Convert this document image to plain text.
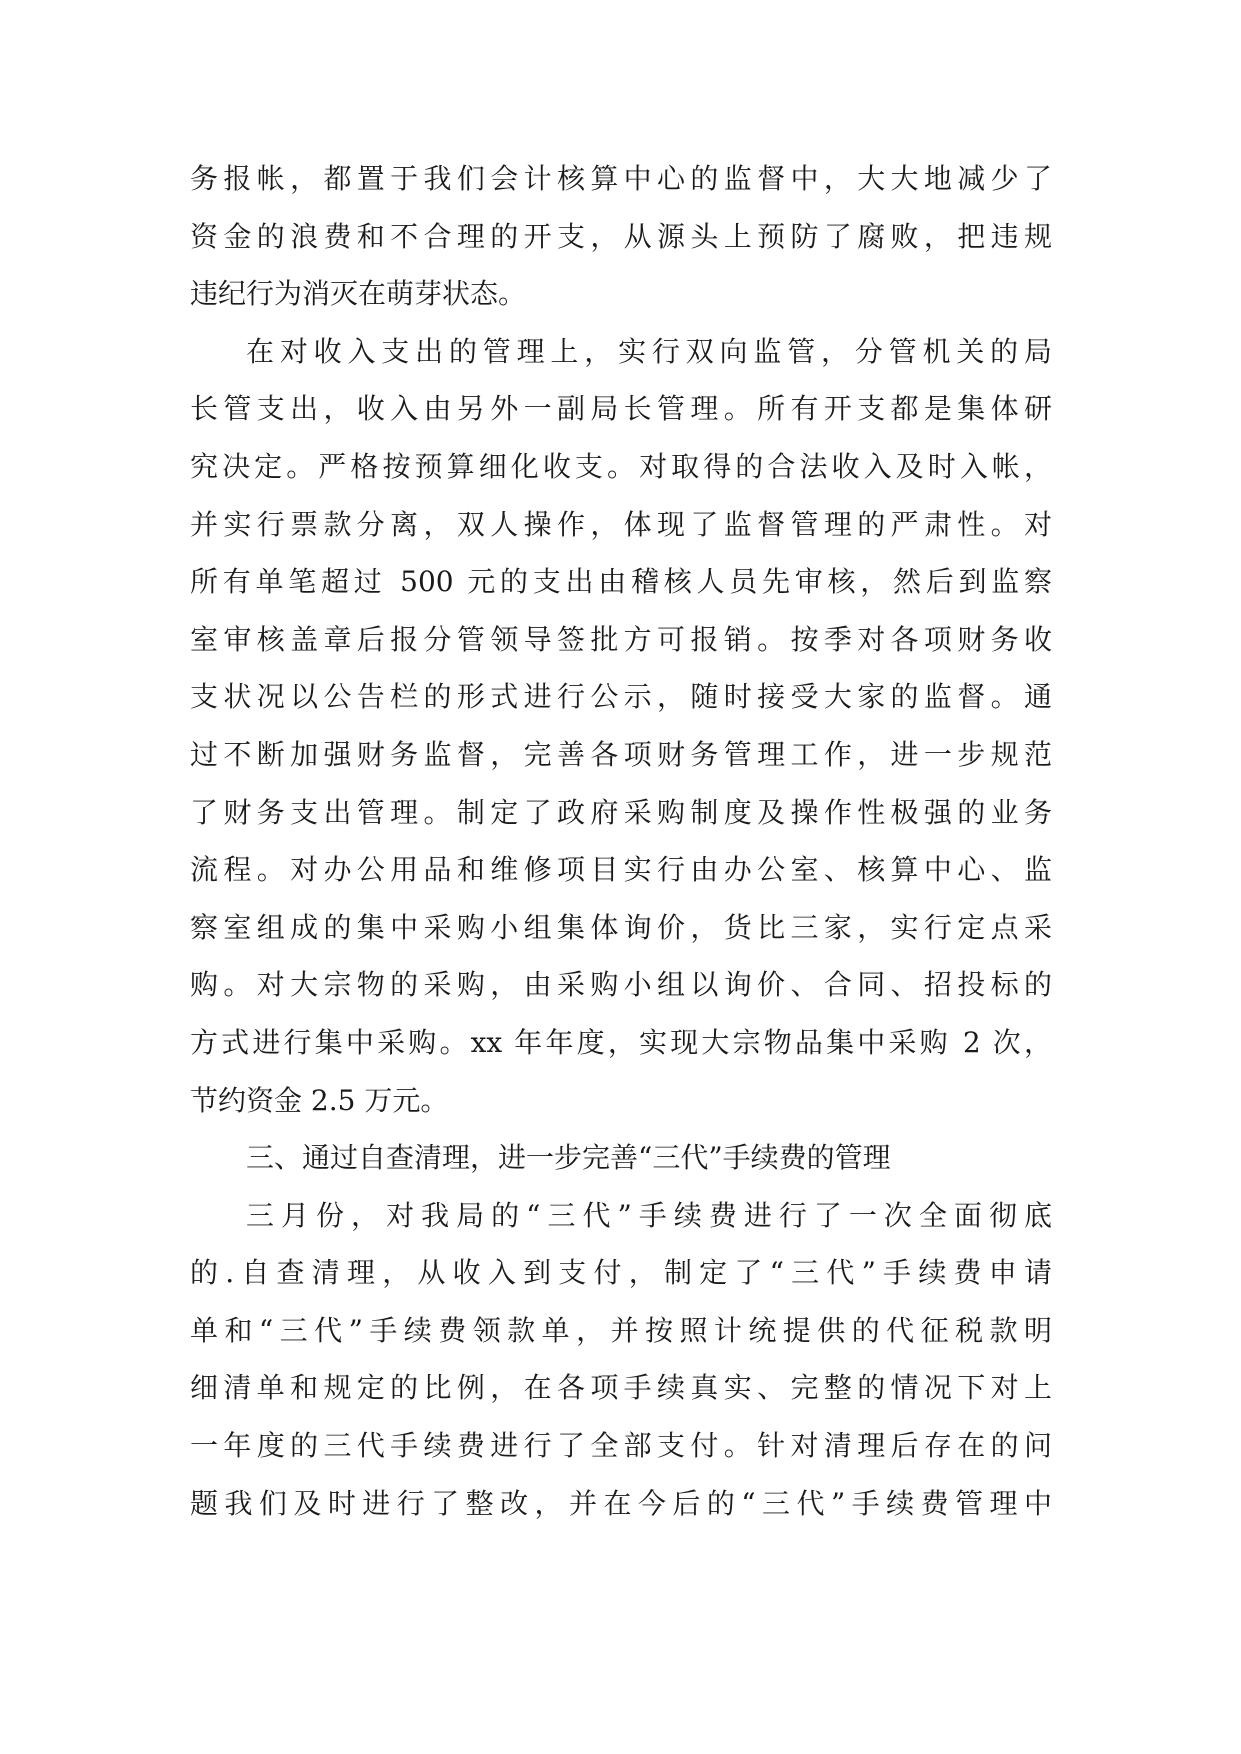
务报帐，都置于我们会计核算中心的监督中，大大地减少了
资金的浪费和不合理的开支，从源头上预防了腐败，把违规
违纪行为消灭在萌芽状态。
在对收入支出的管理上，实行双向监管，分管机关的局
长管支出，收入由另外一副局长管理。所有开支都是集体研
究决定。严格按预算细化收支。对取得的合法收入及时入帐，
并实行票款分离，双人操作，体现了监督管理的严肃性。对
所有单笔超过 500 元的支出由稽核人员先审核，然后到监察
室审核盖章后报分管领导签批方可报销。按季对各项财务收
支状况以公告栏的形式进行公示，随时接受大家的监督。通
过不断加强财务监督，完善各项财务管理工作，进一步规范
了财务支出管理。制定了政府采购制度及操作性极强的业务
流程。对办公用品和维修项目实行由办公室、核算中心、监
察室组成的集中采购小组集体询价，货比三家，实行定点采
购。对大宗物的采购，由采购小组以询价、合同、招投标的
方式进行集中采购。xx 年年度，实现大宗物品集中采购 2 次，
节约资金 2.5 万元。
三、通过自查清理，进一步完善“三代”手续费的管理
三月份，对我局的“三代”手续费进行了一次全面彻底
的.自查清理，从收入到支付，制定了“三代”手续费申请
单和“三代”手续费领款单，并按照计统提供的代征税款明
细清单和规定的比例，在各项手续真实、完整的情况下对上
一年度的三代手续费进行了全部支付。针对清理后存在的问
题我们及时进行了整改，并在今后的“三代”手续费管理中
